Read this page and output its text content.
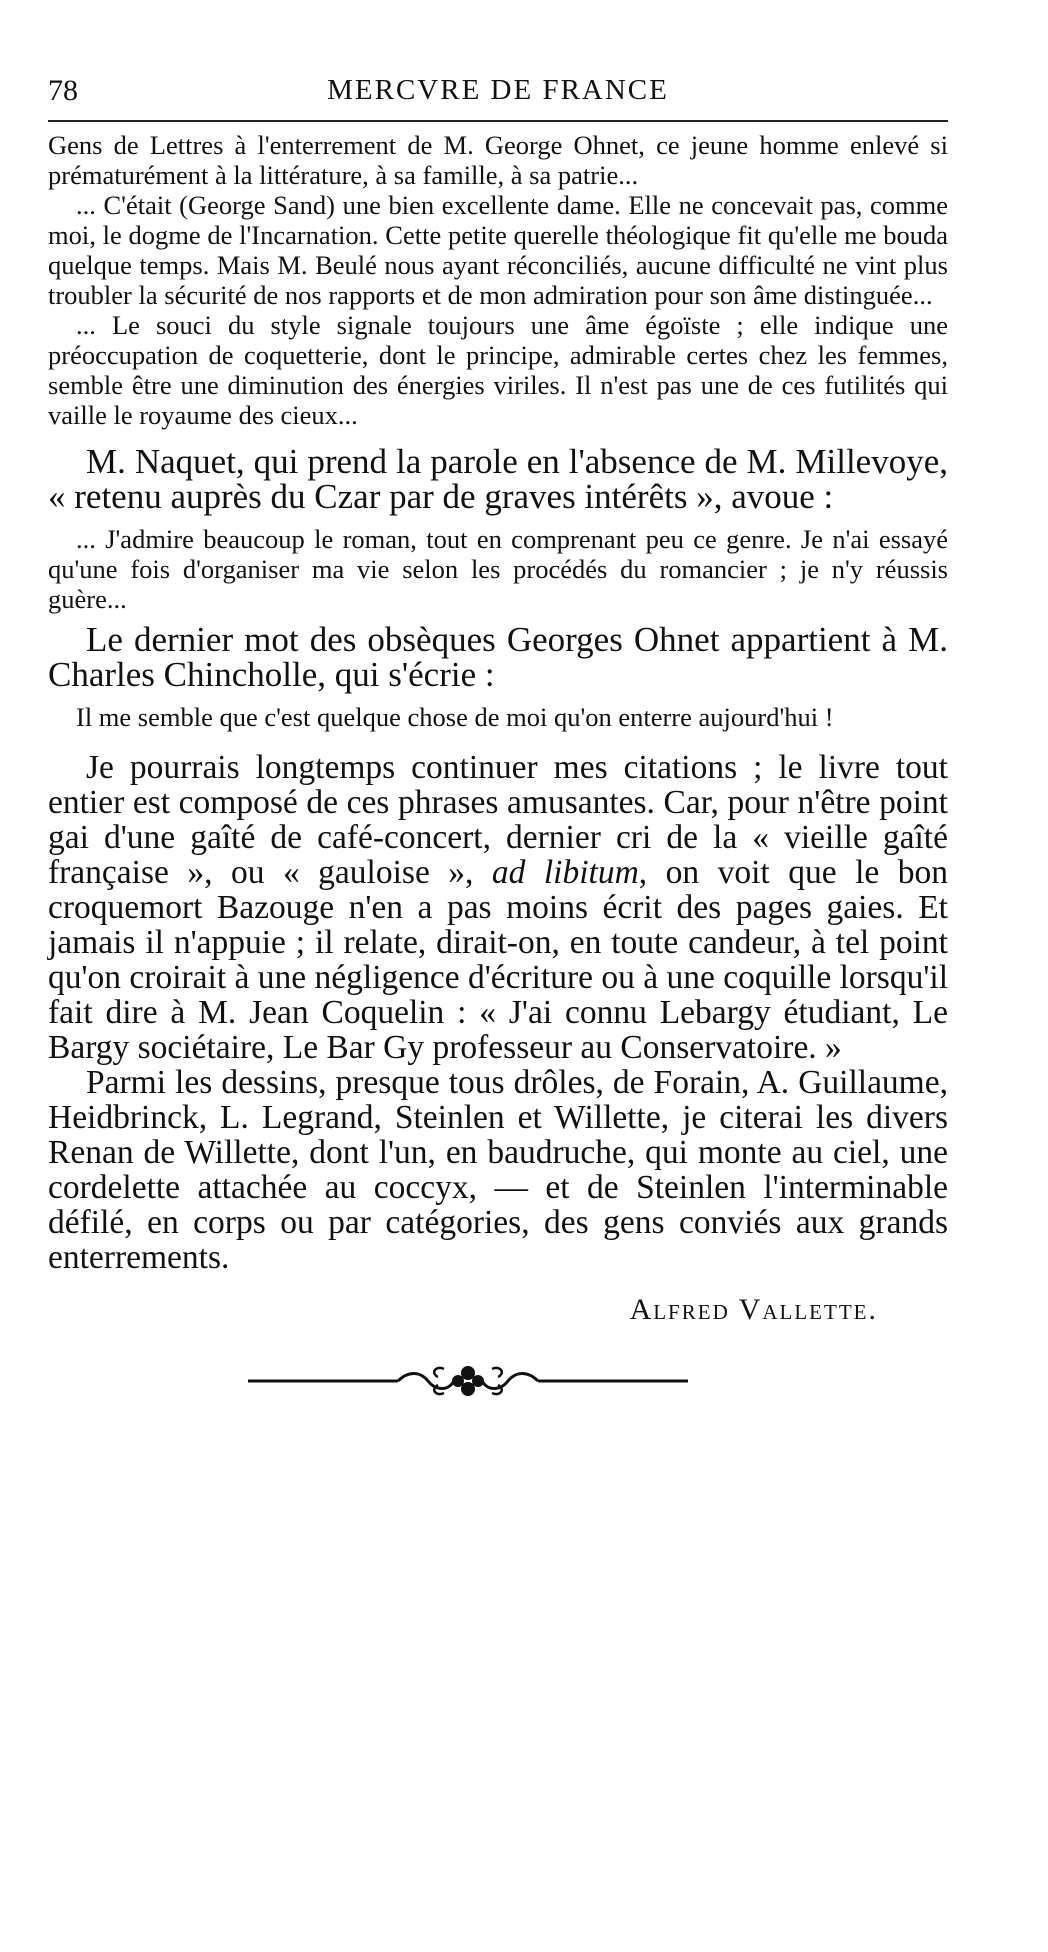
78	MERCVRE DE FRANCE

Gens de Lettres à l'enterrement de M. George Ohnet, ce jeune homme enlevé si prématurément à la littérature, à sa famille, à sa patrie...

... C'était (George Sand) une bien excellente dame. Elle ne concevait pas, comme moi, le dogme de l'Incarnation. Cette petite querelle théologique fit qu'elle me bouda quelque temps. Mais M. Beulé nous ayant réconciliés, aucune difficulté ne vint plus troubler la sécurité de nos rapports et de mon admiration pour son âme distinguée...

... Le souci du style signale toujours une âme égoïste ; elle indique une préoccupation de coquetterie, dont le principe, admirable certes chez les femmes, semble être une diminution des énergies viriles. Il n'est pas une de ces futilités qui vaille le royaume des cieux...

M. Naquet, qui prend la parole en l'absence de M. Millevoye, « retenu auprès du Czar par de graves intérêts », avoue :

... J'admire beaucoup le roman, tout en comprenant peu ce genre. Je n'ai essayé qu'une fois d'organiser ma vie selon les procédés du romancier ; je n'y réussis guère...

Le dernier mot des obsèques Georges Ohnet appartient à M. Charles Chincholle, qui s'écrie :

Il me semble que c'est quelque chose de moi qu'on enterre aujourd'hui !

Je pourrais longtemps continuer mes citations ; le livre tout entier est composé de ces phrases amusantes. Car, pour n'être point gai d'une gaîté de café-concert, dernier cri de la « vieille gaîté française », ou « gauloise », ad libitum, on voit que le bon croquemort Bazouge n'en a pas moins écrit des pages gaies. Et jamais il n'appuie ; il relate, dirait-on, en toute candeur, à tel point qu'on croirait à une négligence d'écriture ou à une coquille lorsqu'il fait dire à M. Jean Coquelin : « J'ai connu Lebargy étudiant, Le Bargy sociétaire, Le Bar Gy professeur au Conservatoire. »

Parmi les dessins, presque tous drôles, de Forain, A. Guillaume, Heidbrinck, L. Legrand, Steinlen et Willette, je citerai les divers Renan de Willette, dont l'un, en baudruche, qui monte au ciel, une cordelette attachée au coccyx, — et de Steinlen l'interminable défilé, en corps ou par catégories, des gens conviés aux grands enterrements.

Alfred Vallette.
